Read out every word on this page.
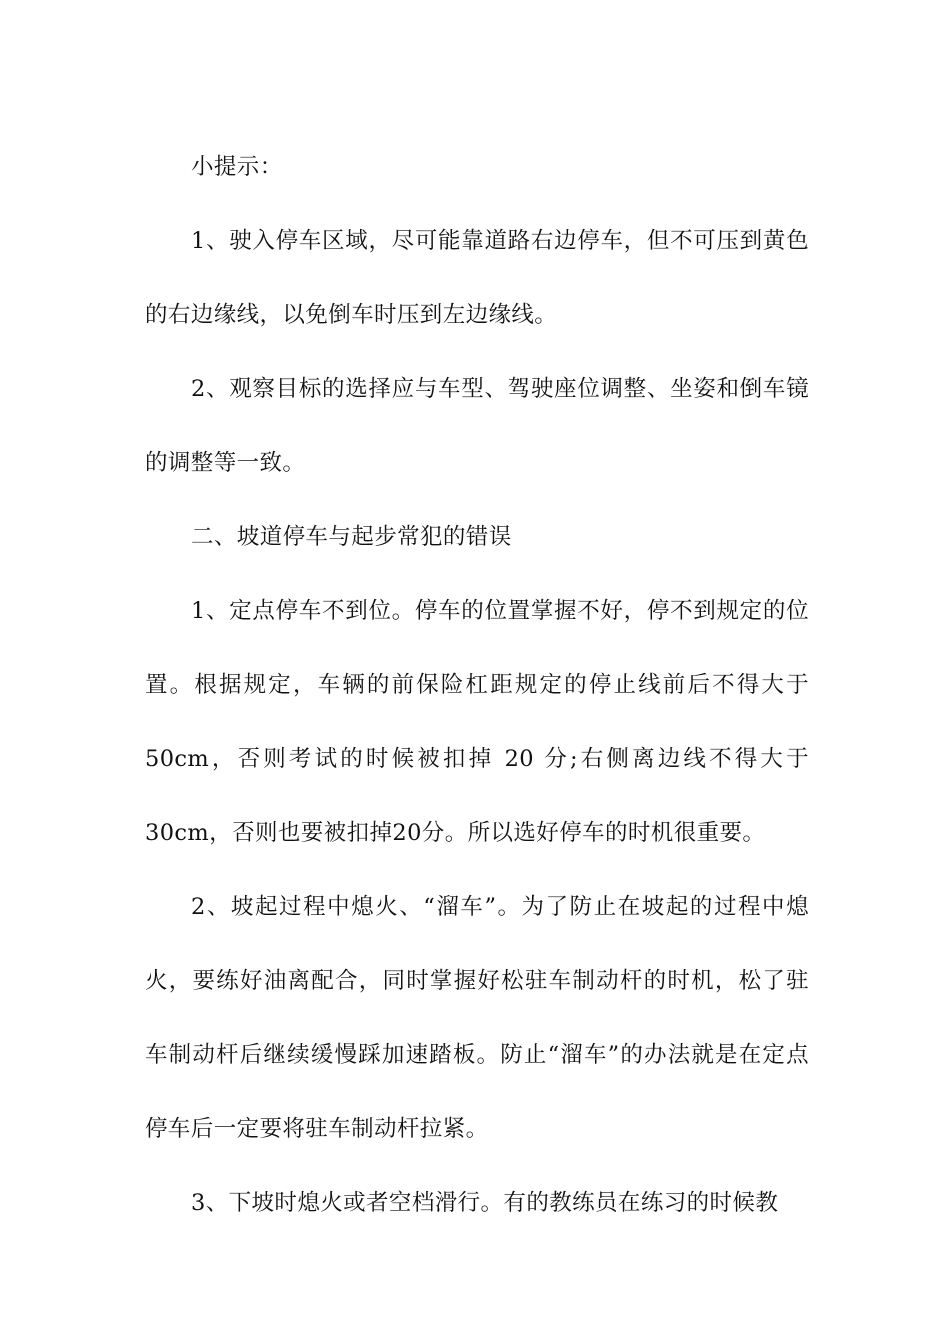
小提示：

1、驶入停车区域，尽可能靠道路右边停车，但不可压到黄色的右边缘线，以免倒车时压到左边缘线。

2、观察目标的选择应与车型、驾驶座位调整、坐姿和倒车镜的调整等一致。

二、坡道停车与起步常犯的错误

1、定点停车不到位。停车的位置掌握不好，停不到规定的位置。根据规定，车辆的前保险杠距规定的停止线前后不得大于 50cm，否则考试的时候被扣掉 20 分;右侧离边线不得大于30cm，否则也要被扣掉20分。所以选好停车的时机很重要。

2、坡起过程中熄火、“溜车”。为了防止在坡起的过程中熄火，要练好油离配合，同时掌握好松驻车制动杆的时机，松了驻车制动杆后继续缓慢踩加速踏板。防止“溜车”的办法就是在定点停车后一定要将驻车制动杆拉紧。

3、下坡时熄火或者空档滑行。有的教练员在练习的时候教
